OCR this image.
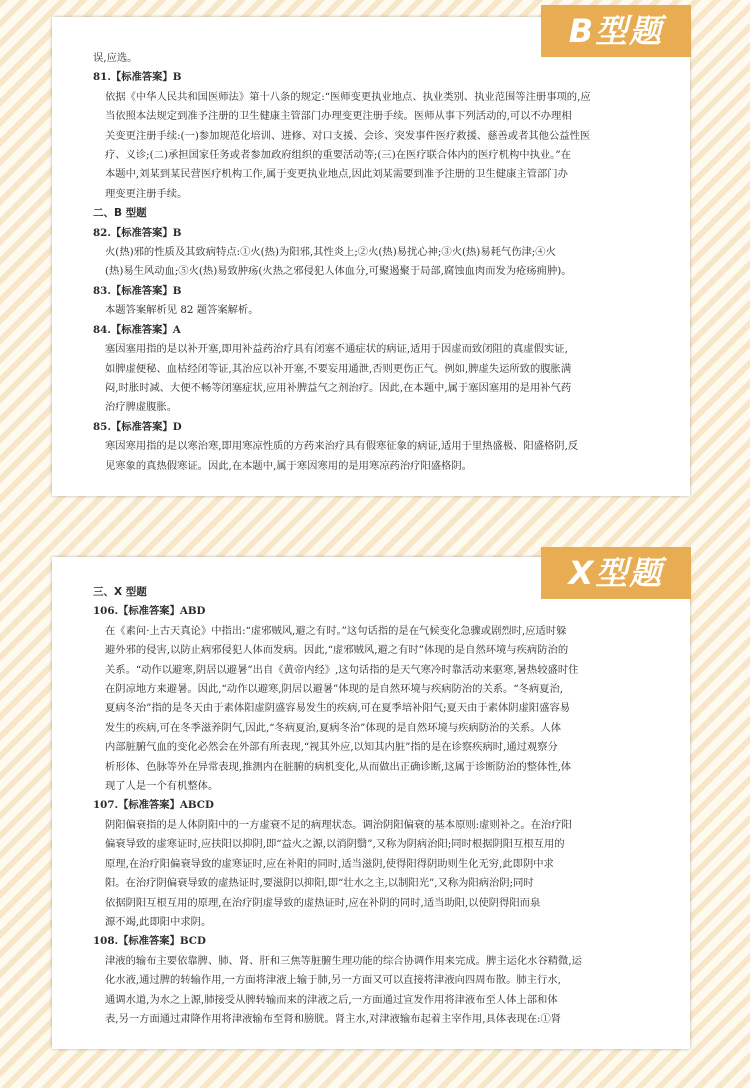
B型题
误,应选。
81.【标准答案】B
依据《中华人民共和国医师法》第十八条的规定:“医师变更执业地点、执业类别、执业范围等注册事项的,应
当依照本法规定到准予注册的卫生健康主管部门办理变更注册手续。医师从事下列活动的,可以不办理相
关变更注册手续:(一)参加规范化培训、进修、对口支援、会诊、突发事件医疗救援、慈善或者其他公益性医
疗、义诊;(二)承担国家任务或者参加政府组织的重要活动等;(三)在医疗联合体内的医疗机构中执业。”在
本题中,刘某到某民营医疗机构工作,属于变更执业地点,因此刘某需要到准予注册的卫生健康主管部门办
理变更注册手续。
二、B 型题
82.【标准答案】B
火(热)邪的性质及其致病特点:①火(热)为阳邪,其性炎上;②火(热)易扰心神;③火(热)易耗气伤津;④火
(热)易生风动血;⑤火(热)易致肿疡(火热之邪侵犯人体血分,可聚遏聚于局部,腐蚀血肉而发为疮疡痈肿)。
83.【标准答案】B
本题答案解析见 82 题答案解析。
84.【标准答案】A
塞因塞用指的是以补开塞,即用补益药治疗具有闭塞不通症状的病证,适用于因虚而致闭阻的真虚假实证,
如脾虚便秘、血枯经闭等证,其治应以补开塞,不要妄用通泄,否则更伤正气。例如,脾虚失运所致的腹胀满
闷,时胀时减、大便不畅等闭塞症状,应用补脾益气之剂治疗。因此,在本题中,属于塞因塞用的是用补气药
治疗脾虚腹胀。
85.【标准答案】D
寒因寒用指的是以寒治寒,即用寒凉性质的方药来治疗具有假寒征象的病证,适用于里热盛极、阳盛格阴,反
见寒象的真热假寒证。因此,在本题中,属于寒因寒用的是用寒凉药治疗阳盛格阴。
X型题
三、X 型题
106.【标准答案】ABD
在《素问·上古天真论》中指出:“虚邪贼风,避之有时。”这句话指的是在气候变化急骤或剧烈时,应适时躲
避外邪的侵害,以防止病邪侵犯人体而发病。因此,“虚邪贼风,避之有时”体现的是自然环境与疾病防治的
关系。“动作以避寒,阴居以避暑”出自《黄帝内经》,这句话指的是天气寒冷时靠活动来驱寒,暑热较盛时住
在阴凉地方来避暑。因此,“动作以避寒,阴居以避暑”体现的是自然环境与疾病防治的关系。“冬病夏治,
夏病冬治”指的是冬天由于素体阳虚阴盛容易发生的疾病,可在夏季培补阳气;夏天由于素体阴虚阳盛容易
发生的疾病,可在冬季滋养阴气,因此,“冬病夏治,夏病冬治”体现的是自然环境与疾病防治的关系。人体
内部脏腑气血的变化必然会在外部有所表现,“视其外应,以知其内脏”指的是在诊察疾病时,通过观察分
析形体、色脉等外在异常表现,推测内在脏腑的病机变化,从而做出正确诊断,这属于诊断防治的整体性,体
现了人是一个有机整体。
107.【标准答案】ABCD
阴阳偏衰指的是人体阴阳中的一方虚衰不足的病理状态。调治阴阳偏衰的基本原则:虚则补之。在治疗阳
偏衰导致的虚寒证时,应扶阳以抑阴,即“益火之源,以消阴翳”,又称为阴病治阳;同时根据阴阳互根互用的
原理,在治疗阳偏衰导致的虚寒证时,应在补阳的同时,适当滋阴,使得阳得阴助则生化无穷,此即阴中求
阳。在治疗阴偏衰导致的虚热证时,要滋阴以抑阳,即“壮水之主,以制阳光”,又称为阳病治阴;同时
依据阴阳互根互用的原理,在治疗阴虚导致的虚热证时,应在补阴的同时,适当助阳,以使阴得阳而泉
源不竭,此即阳中求阴。
108.【标准答案】BCD
津液的输布主要依靠脾、肺、肾、肝和三焦等脏腑生理功能的综合协调作用来完成。脾主运化水谷精微,运
化水液,通过脾的转输作用,一方面将津液上输于肺,另一方面又可以直接将津液向四周布散。肺主行水,
通调水道,为水之上源,肺接受从脾转输而来的津液之后,一方面通过宣发作用将津液布至人体上部和体
表,另一方面通过肃降作用将津液输布至肾和膀胱。肾主水,对津液输布起着主宰作用,具体表现在:①肾
